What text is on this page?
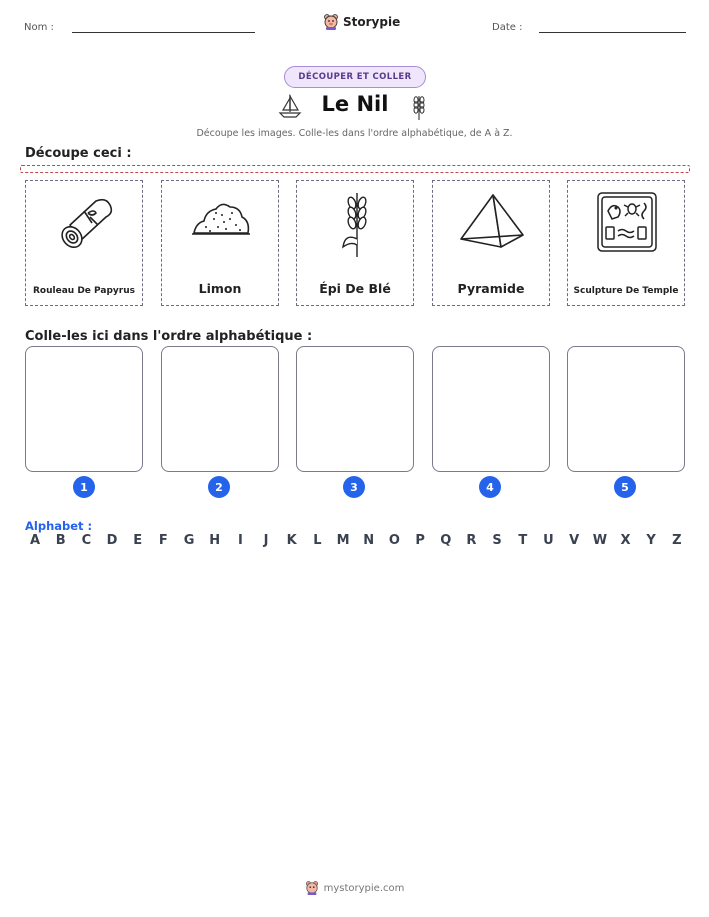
Nom :	Storypie	Date :
DÉCOUPER ET COLLER
Le Nil
Découpe les images. Colle-les dans l'ordre alphabétique, de A à Z.
Découpe ceci :
Rouleau De Papyrus	Limon	Épi De Blé	Pyramide	Sculpture De Temple
Colle-les ici dans l'ordre alphabétique :
1	2	3	4	5
Alphabet :
A B C D E F G H	I	J	K L M N O P Q R S T U V W X Y Z
mystorypie.com
